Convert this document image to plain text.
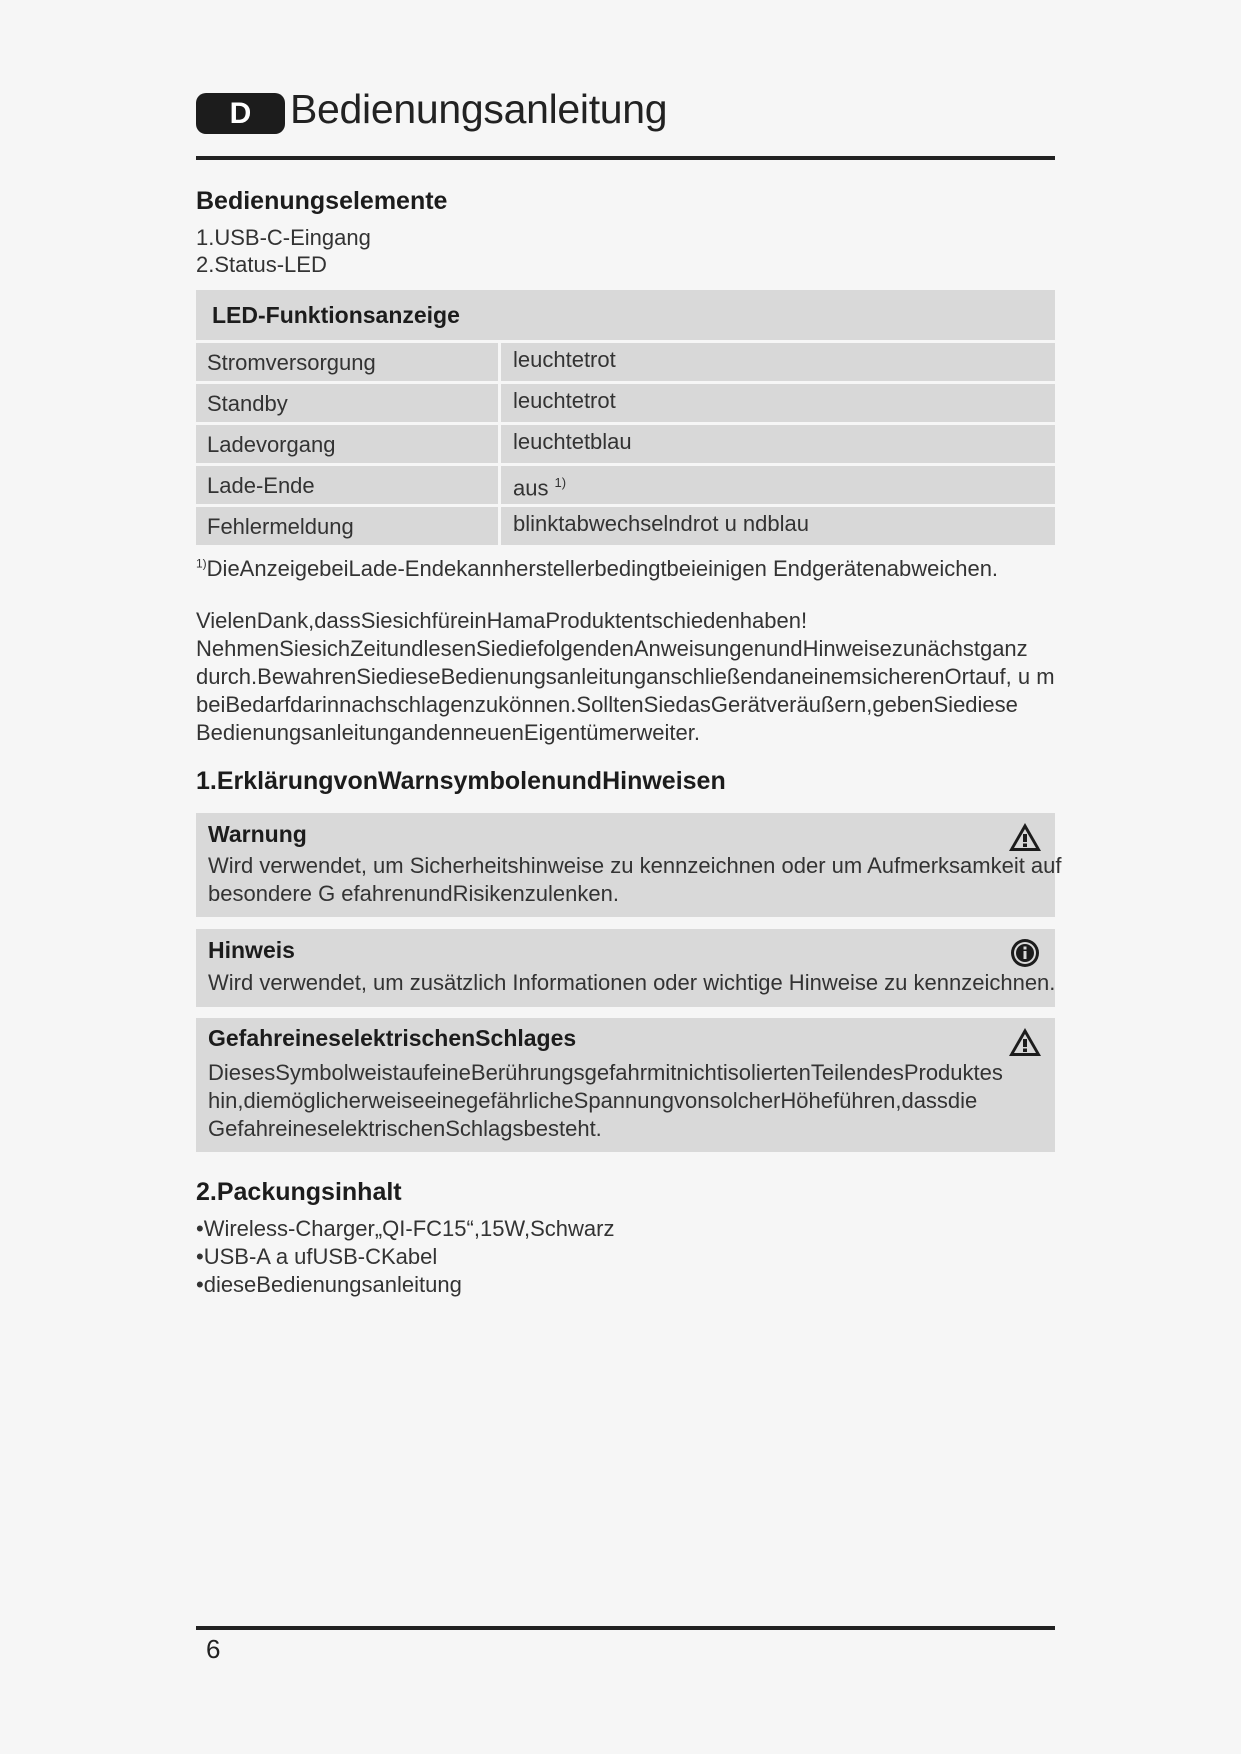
D Bedienungsanleitung
Bedienungselemente
1.USB-C-Eingang
2.Status-LED
LED-Funktionsanzeige
Stromversorgung	leuchtetrot
Standby	leuchtetrot
Ladevorgang	leuchtetblau
Lade-Ende	aus $^{1)}$
Fehlermeldung	blinktabwechselndrot u ndblau
$^{1)}$DieAnzeigebeiLade-Endekannherstellerbedingtbeieinigen Endgerätenabweichen.
VielenDank,dassSiesichfüreinHamaProduktentschiedenhaben!
NehmenSiesichZeitundlesenSiediefolgendenAnweisungenundHinweisezunächstganz
durch.BewahrenSiedieseBedienungsanleitunganschließendaneinemsicherenOrtauf, u m
beiBedarfdarinnachschlagenzukönnen.SolltenSiedasGerätveräußern,gebenSiediese
BedienungsanleitungandenneuenEigentümerweiter.
1.ErklärungvonWarnsymbolenundHinweisen
Warnung
Wird verwendet, um Sicherheitshinweise zu kennzeichnen oder um Aufmerksamkeit auf
besondere G efahrenundRisikenzulenken.
Hinweis
Wird verwendet, um zusätzlich Informationen oder wichtige Hinweise zu kennzeichnen.
GefahreineselektrischenSchlages
DiesesSymbolweistaufeineBerührungsgefahrmitnichtisoliertenTeilendesProduktes
hin,diemöglicherweiseeinegefährlicheSpannungvonsolcherHöheführen,dassdie
GefahreineselektrischenSchlagsbesteht.
2.Packungsinhalt
•Wireless-Charger„QI-FC15“,15W,Schwarz
•USB-A a ufUSB-CKabel
•dieseBedienungsanleitung
6
